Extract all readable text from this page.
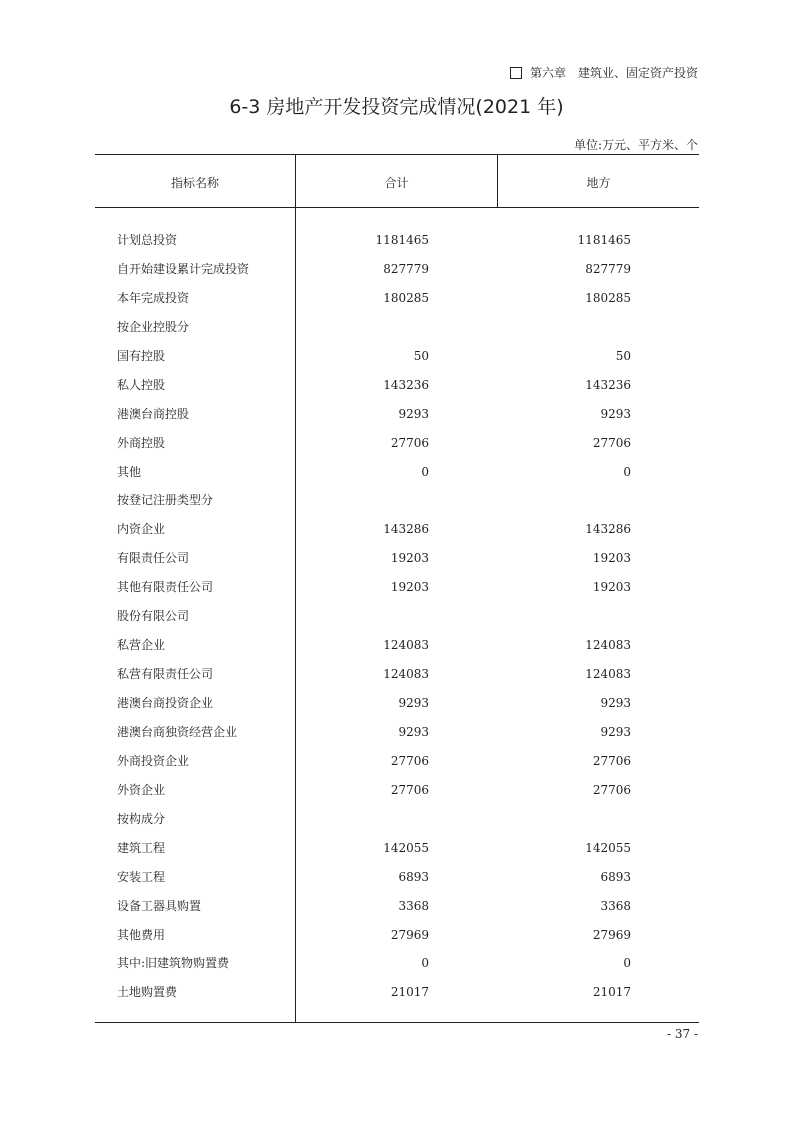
第六章　建筑业、固定资产投资
6-3 房地产开发投资完成情况(2021 年)
单位:万元、平方米、个
指标名称	合计	地方
计划总投资	1181465	1181465
自开始建设累计完成投资	827779	827779
本年完成投资	180285	180285
按企业控股分
国有控股	50	50
私人控股	143236	143236
港澳台商控股	9293	9293
外商控股	27706	27706
其他	0	0
按登记注册类型分
内资企业	143286	143286
有限责任公司	19203	19203
其他有限责任公司	19203	19203
股份有限公司
私营企业	124083	124083
私营有限责任公司	124083	124083
港澳台商投资企业	9293	9293
港澳台商独资经营企业	9293	9293
外商投资企业	27706	27706
外资企业	27706	27706
按构成分
建筑工程	142055	142055
安装工程	6893	6893
设备工器具购置	3368	3368
其他费用	27969	27969
其中:旧建筑物购置费	0	0
土地购置费	21017	21017
- 37 -
